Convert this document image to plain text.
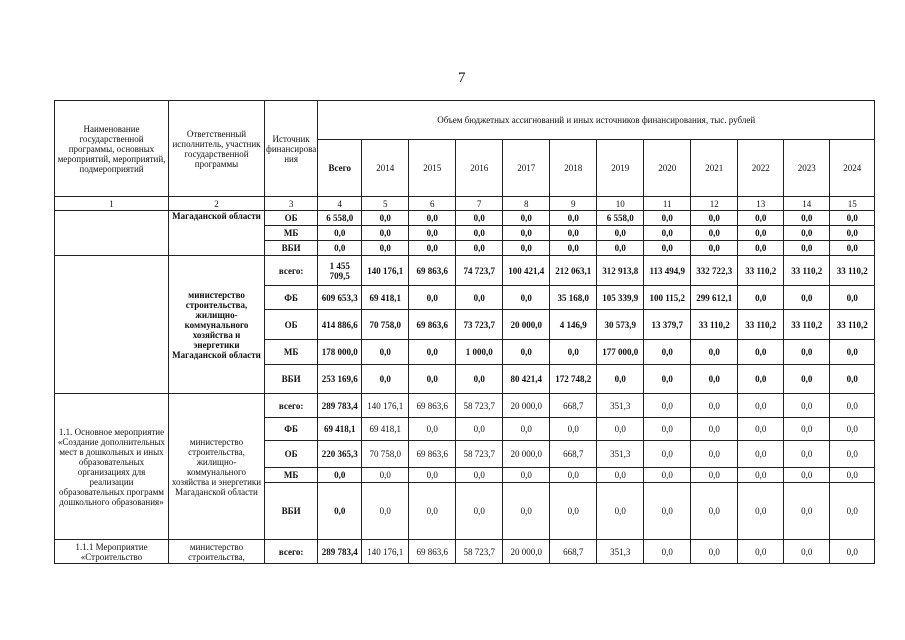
7
Наименование государственной программы, основных мероприятий, мероприятий, подмероприятий	Ответственный исполнитель, участник государственной программы	Источник финансирова ния	Объем бюджетных ассигнований и иных источников финансирования, тыс. рублей											
			Всего	2014	2015	2016	2017	2018	2019	2020	2021	2022	2023	2024
1	2	3	4	5	6	7	8	9	10	11	12	13	14	15
	Магаданской области	ОБ	6 558,0	0,0	0,0	0,0	0,0	0,0	6 558,0	0,0	0,0	0,0	0,0	0,0
		МБ	0,0	0,0	0,0	0,0	0,0	0,0	0,0	0,0	0,0	0,0	0,0	0,0
		ВБИ	0,0	0,0	0,0	0,0	0,0	0,0	0,0	0,0	0,0	0,0	0,0	0,0
	министерство строительства, жилищно-коммунального хозяйства и энергетики Магаданской области	всего:	1 455 709,5	140 176,1	69 863,6	74 723,7	100 421,4	212 063,1	312 913,8	113 494,9	332 722,3	33 110,2	33 110,2	33 110,2
		ФБ	609 653,3	69 418,1	0,0	0,0	0,0	35 168,0	105 339,9	100 115,2	299 612,1	0,0	0,0	0,0
		ОБ	414 886,6	70 758,0	69 863,6	73 723,7	20 000,0	4 146,9	30 573,9	13 379,7	33 110,2	33 110,2	33 110,2	33 110,2
		МБ	178 000,0	0,0	0,0	1 000,0	0,0	0,0	177 000,0	0,0	0,0	0,0	0,0	0,0
		ВБИ	253 169,6	0,0	0,0	0,0	80 421,4	172 748,2	0,0	0,0	0,0	0,0	0,0	0,0
1.1. Основное мероприятие «Создание дополнительных мест в дошкольных и иных образовательных организациях для реализации образовательных программ дошкольного образования»	министерство строительства, жилищно-коммунального хозяйства и энергетики Магаданской области	всего:	289 783,4	140 176,1	69 863,6	58 723,7	20 000,0	668,7	351,3	0,0	0,0	0,0	0,0	0,0
		ФБ	69 418,1	69 418,1	0,0	0,0	0,0	0,0	0,0	0,0	0,0	0,0	0,0	0,0
		ОБ	220 365,3	70 758,0	69 863,6	58 723,7	20 000,0	668,7	351,3	0,0	0,0	0,0	0,0	0,0
		МБ	0,0	0,0	0,0	0,0	0,0	0,0	0,0	0,0	0,0	0,0	0,0	0,0
		ВБИ	0,0	0,0	0,0	0,0	0,0	0,0	0,0	0,0	0,0	0,0	0,0	0,0
1.1.1 Мероприятие «Строительство	министерство строительства,	всего:	289 783,4	140 176,1	69 863,6	58 723,7	20 000,0	668,7	351,3	0,0	0,0	0,0	0,0	0,0
